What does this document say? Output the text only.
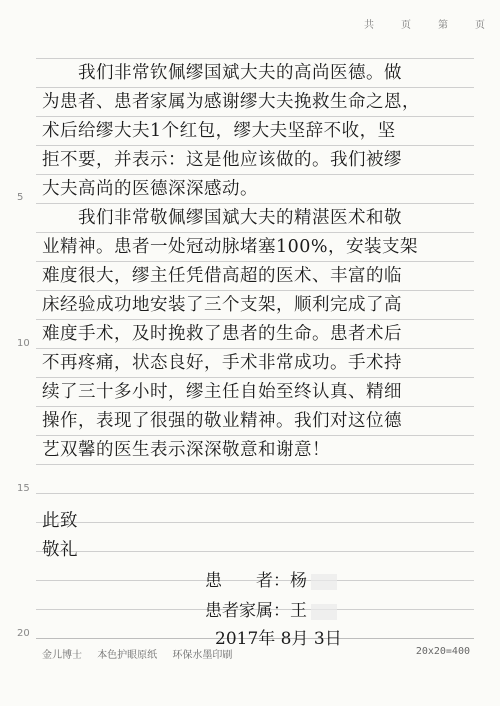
共	页	第	页
5
10
15
20
我们非常钦佩缪国斌大夫的高尚医德。做
为患者、患者家属为感谢缪大夫挽救生命之恩，
术后给缪大夫1个红包，缪大夫坚辞不收，坚
拒不要，并表示：这是他应该做的。我们被缪
大夫高尚的医德深深感动。
我们非常敬佩缪国斌大夫的精湛医术和敬
业精神。患者一处冠动脉堵塞100%，安装支架
难度很大，缪主任凭借高超的医术、丰富的临
床经验成功地安装了三个支架，顺利完成了高
难度手术，及时挽救了患者的生命。患者术后
不再疼痛，状态良好，手术非常成功。手术持
续了三十多小时，缪主任自始至终认真、精细
操作，表现了很强的敬业精神。我们对这位德
艺双馨的医生表示深深敬意和谢意！
此致
敬礼
患　　者：杨
患者家属：王
2017年 8月 3日
金儿博士 本色护眼原纸 环保水墨印刷	20x20=400
